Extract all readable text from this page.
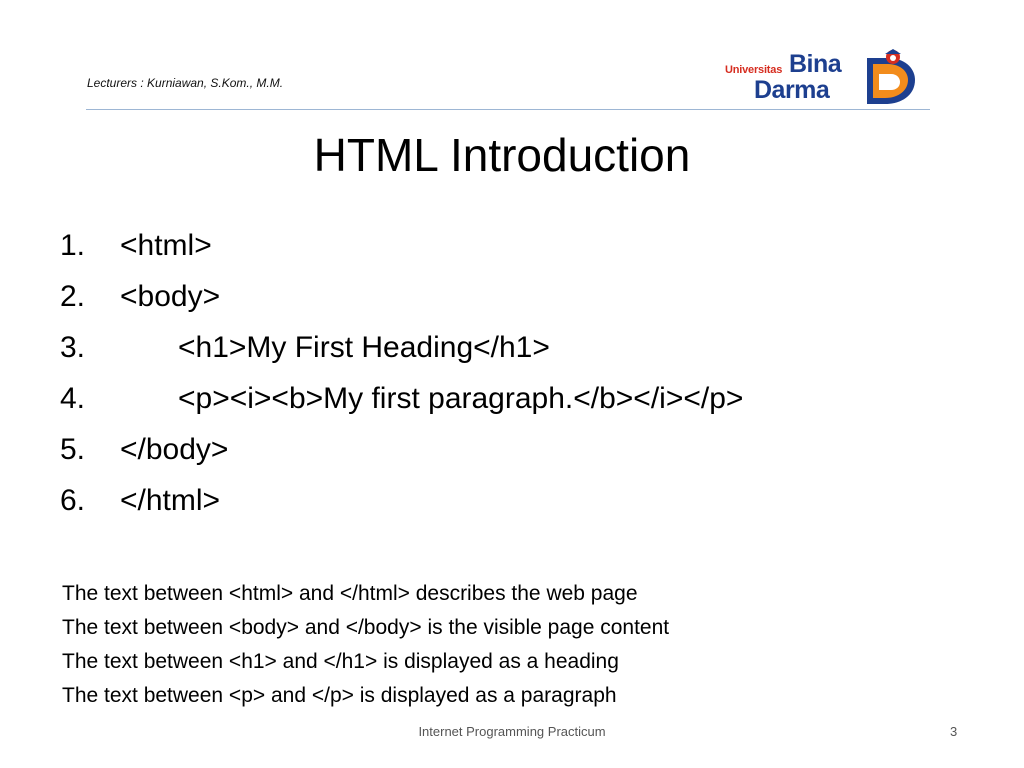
Lecturers : Kurniawan, S.Kom., M.M.
Universitas Bina
Darma
HTML Introduction
1. <html>
2. <body>
3.	<h1>My First Heading</h1>
4.	<p><i><b>My first paragraph.</b></i></p>
5. </body>
6. </html>
The text between <html> and </html> describes the web page
The text between <body> and </body> is the visible page content
The text between <h1> and </h1> is displayed as a heading
The text between <p> and </p> is displayed as a paragraph
Internet Programming Practicum	3
